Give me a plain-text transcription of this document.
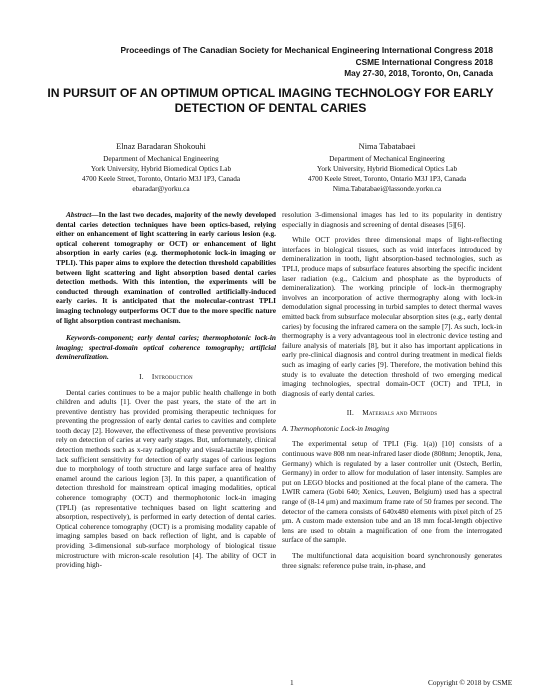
Proceedings of The Canadian Society for Mechanical Engineering International Congress 2018
CSME International Congress 2018
May 27-30, 2018, Toronto, On, Canada
IN PURSUIT OF AN OPTIMUM OPTICAL IMAGING TECHNOLOGY FOR EARLY
DETECTION OF DENTAL CARIES
Elnaz Baradaran Shokouhi
Department of Mechanical Engineering
York University, Hybrid Biomedical Optics Lab
4700 Keele Street, Toronto, Ontario M3J 1P3, Canada
ebaradar@yorku.ca
Nima Tabatabaei
Department of Mechanical Engineering
York University, Hybrid Biomedical Optics Lab
4700 Keele Street, Toronto, Ontario M3J 1P3, Canada
Nima.Tabatabaei@lassonde.yorku.ca

Abstract—In the last two decades, majority of the newly developed dental caries detection techniques have been optics-based, relying either on enhancement of light scattering in early carious lesion (e.g. optical coherent tomography or OCT) or enhancement of light absorption in early caries (e.g. thermophotonic lock-in imaging or TPLI). This paper aims to explore the detection threshold capabilities between light scattering and light absorption based dental caries detection methods. With this intention, the experiments will be conducted through examination of controlled artificially-induced early caries. It is anticipated that the molecular-contrast TPLI imaging technology outperforms OCT due to the more specific nature of light absorption contrast mechanism.

Keywords-component; early dental caries; thermophotonic lock-in imaging; spectral-domain optical coherence tomography; artificial demineralization.

I. Introduction

Dental caries continues to be a major public health challenge in both children and adults [1]. Over the past years, the state of the art in preventive dentistry has provided promising therapeutic techniques for preventing the progression of early dental caries to cavities and complete tooth decay [2]. However, the effectiveness of these preventive provisions rely on detection of caries at very early stages. But, unfortunately, clinical detection methods such as x-ray radiography and visual-tactile inspection lack sufficient sensitivity for detection of early stages of carious legions due to morphology of tooth structure and large surface area of healthy enamel around the carious legion [3]. In this paper, a quantification of detection threshold for mainstream optical imaging modalities, optical coherence tomography (OCT) and thermophotonic lock-in imaging (TPLI) (as representative techniques based on light scattering and absorption, respectively), is performed in early detection of dental caries. Optical coherence tomography (OCT) is a promising modality capable of imaging samples based on back reflection of light, and is capable of providing 3-dimensional sub-surface morphology of biological tissue microstructure with micron-scale resolution [4]. The ability of OCT in providing high-

resolution 3-dimensional images has led to its popularity in dentistry especially in diagnosis and screening of dental diseases [5][6].

While OCT provides three dimensional maps of light-reflecting interfaces in biological tissues, such as void interfaces introduced by demineralization in tooth, light absorption-based technologies, such as TPLI, produce maps of subsurface features absorbing the specific incident laser radiation (e.g., Calcium and phosphate as the byproducts of demineralization). The working principle of lock-in thermography involves an incorporation of active thermography along with lock-in demodulation signal processing in turbid samples to detect thermal waves emitted back from subsurface molecular absorption sites (e.g., early dental caries) by focusing the infrared camera on the sample [7]. As such, lock-in thermography is a very advantageous tool in electronic device testing and failure analysis of materials [8], but it also has important applications in early pre-clinical diagnosis and control during treatment in medical fields such as imaging of early caries [9]. Therefore, the motivation behind this study is to evaluate the detection threshold of two emerging medical imaging technologies, spectral domain-OCT (OCT) and TPLI, in diagnosis of early dental caries.

II. Materials and Methods

A. Thermophotonic Lock-in Imaging

The experimental setup of TPLI (Fig. 1(a)) [10] consists of a continuous wave 808 nm near-infrared laser diode (808nm; Jenoptik, Jena, Germany) which is regulated by a laser controller unit (Ostech, Berlin, Germany) in order to allow for modulation of laser intensity. Samples are put on LEGO blocks and positioned at the focal plane of the camera. The LWIR camera (Gobi 640; Xenics, Leuven, Belgium) used has a spectral range of (8-14 μm) and maximum frame rate of 50 frames per second. The detector of the camera consists of 640x480 elements with pixel pitch of 25 μm. A custom made extension tube and an 18 mm focal-length objective lens are used to obtain a magnification of one from the interrogated surface of the sample.

The multifunctional data acquisition board synchronously generates three signals: reference pulse train, in-phase, and

1	Copyright © 2018 by CSME
